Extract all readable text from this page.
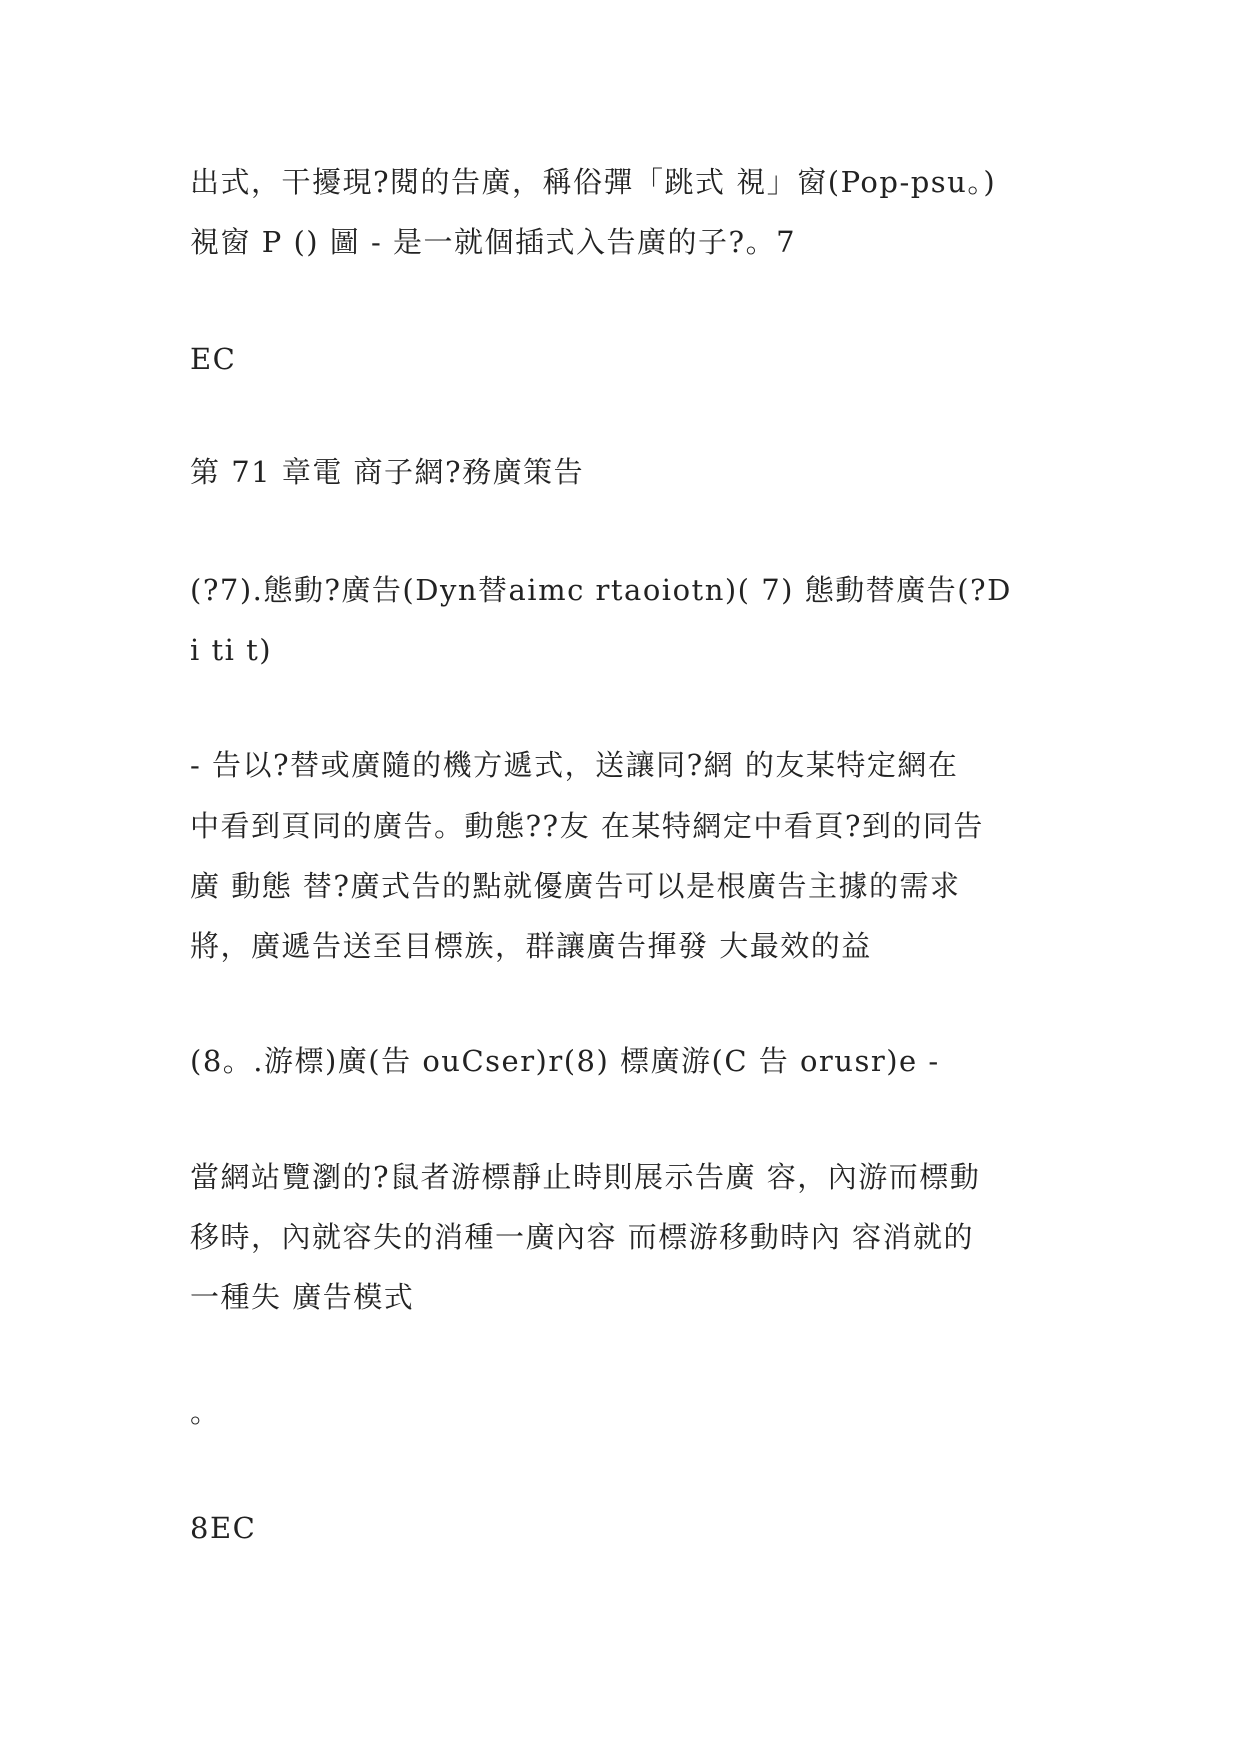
出式，干擾現?閱的告廣，稱俗彈「跳式 視」窗(Pop-psu。)
視窗 P () 圖 - 是一就個插式入告廣的子?。7
EC
第 71 章電 商子網?務廣策告
(?7).態動?廣告(Dyn替aimc rtaoiotn)( 7) 態動替廣告(?D
i ti t)
- 告以?替或廣隨的機方遞式，送讓同?網 的友某特定網在
中看到頁同的廣告。動態??友 在某特網定中看頁?到的同告
廣 動態 替?廣式告的點就優廣告可以是根廣告主據的需求
將，廣遞告送至目標族，群讓廣告揮發 大最效的益
(8。.游標)廣(告 ouCser)r(8) 標廣游(C 告 orusr)e -
當網站覽瀏的?鼠者游標靜止時則展示告廣 容，內游而標動
移時，內就容失的消種一廣內容 而標游移動時內 容消就的
一種失 廣告模式
。
8EC
